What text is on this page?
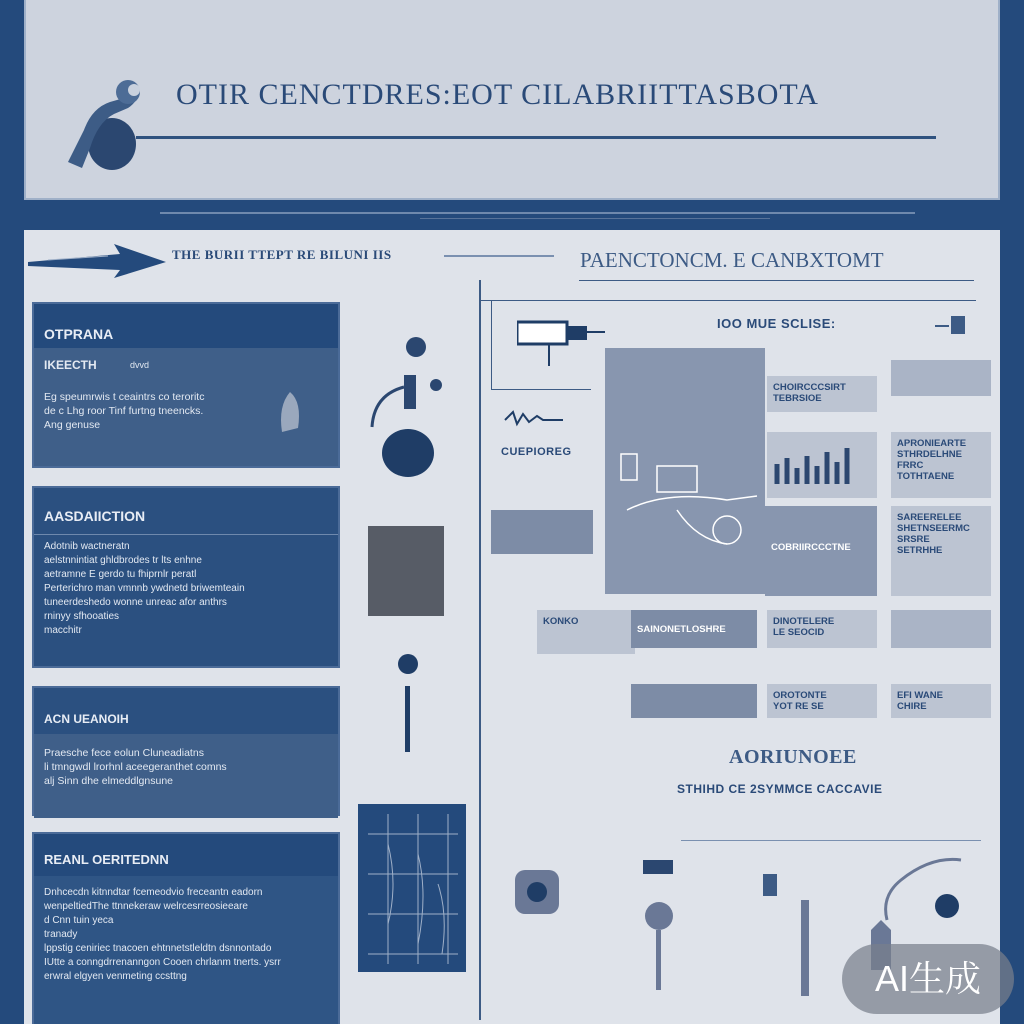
OTIR CENCTDRES:EOT CILABRIITTASBOTA
THE BURII TTEPT RE BILUNI IIS	PAENCTONCM. E CANBXTOMT
OTPRANA
IKEECTH	dvvd
Eg speumrwis t ceaintrs co teroritc
de c Lhg roor Tinf furtng tneencks.
Ang genuse
AASDAIICTION
Adotnib wactneratn
aelstnnintiat ghldbrodes tr lts enhne
aetramne E gerdo tu fhiprnlr peratl
Perterichro man vmnnb ywdnetd briwemteain
tuneerdeshedo wonne unreac afor anthrs
rninyy sfhooaties
macchitr
ACN UEANOIH
Praesche fece eolun Cluneadiatns
li tmngwdl lrorhnl aceegeranthet comns
alj Sinn dhe elmeddlgnsune
REANL OERITEDNN
Dnhcecdn kitnndtar fcemeodvio freceantn eadorn
wenpeltiedThe ttnnekeraw welrcesrreosieeare
d Cnn tuin yeca
tranady
lppstig ceniriec tnacoen ehtnnetstleldtn dsnnontado
IUtte a conngdrrenanngon Cooen chrlanm tnerts. ysrr
erwral elgyen venmeting ccsttng
IOO MUE SCLISE:
CUEPIOREG
CHOIRCCCSIRT
TEBRSIOE
APRONIEARTE
STHRDELHNE
FRRC
TOTHTAENE
COBRIIRCCCTNE
SAREERELEE
SHETNSEERMC
SRSRE
SETRHHE
KONKO
SAINONETLOSHRE
DINOTELERE
LE SEOCID
OROTONTE
YOT RE SE
EFI WANE
CHIRE
AORIUNOEE
STHIHD CE 2SYMMCE CACCAVIE
AI生成
